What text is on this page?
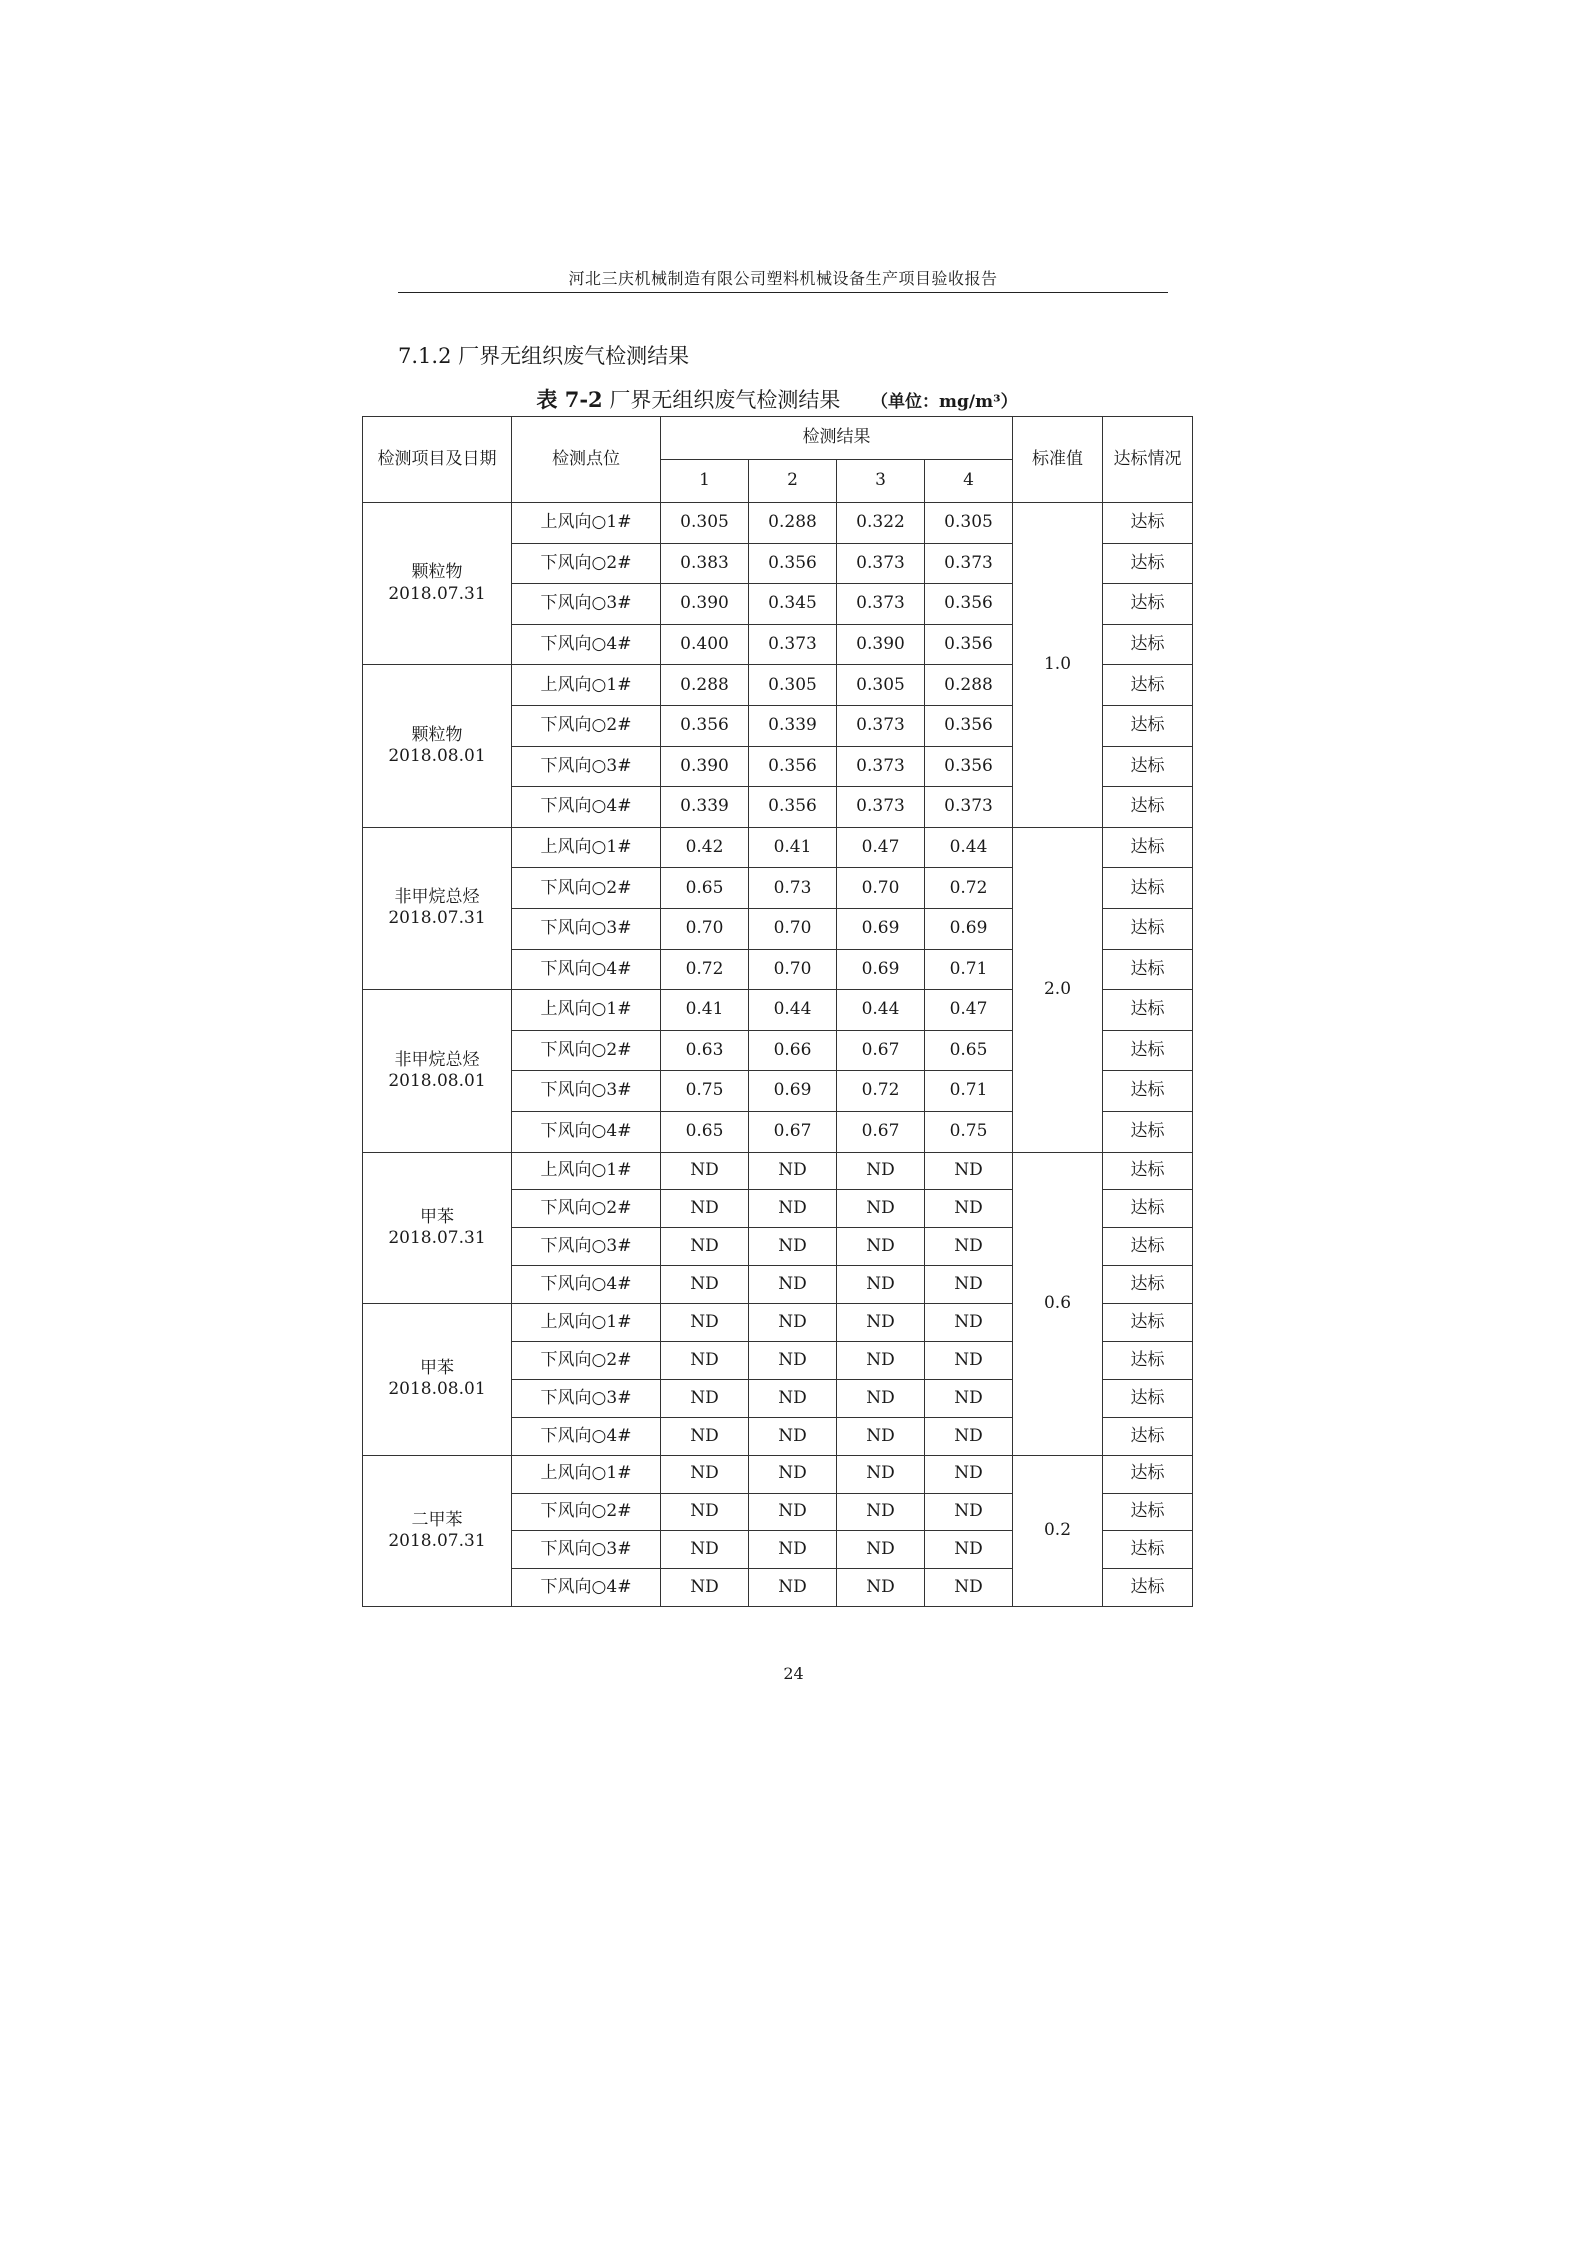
河北三庆机械制造有限公司塑料机械设备生产项目验收报告
7.1.2 厂界无组织废气检测结果
表 7-2 厂界无组织废气检测结果 （单位：mg/m³）
检测项目及日期	检测点位	检测结果				标准值	达标情况
		1	2	3	4		

颗粒物
2018.07.31	上风向○1#	0.305	0.288	0.322	0.305	1.0	达标
	下风向○2#	0.383	0.356	0.373	0.373		达标
	下风向○3#	0.390	0.345	0.373	0.356		达标
	下风向○4#	0.400	0.373	0.390	0.356		达标

颗粒物
2018.08.01	上风向○1#	0.288	0.305	0.305	0.288		达标
	下风向○2#	0.356	0.339	0.373	0.356		达标
	下风向○3#	0.390	0.356	0.373	0.356		达标
	下风向○4#	0.339	0.356	0.373	0.373		达标

非甲烷总烃
2018.07.31	上风向○1#	0.42	0.41	0.47	0.44	2.0	达标
	下风向○2#	0.65	0.73	0.70	0.72		达标
	下风向○3#	0.70	0.70	0.69	0.69		达标
	下风向○4#	0.72	0.70	0.69	0.71		达标

非甲烷总烃
2018.08.01	上风向○1#	0.41	0.44	0.44	0.47		达标
	下风向○2#	0.63	0.66	0.67	0.65		达标
	下风向○3#	0.75	0.69	0.72	0.71		达标
	下风向○4#	0.65	0.67	0.67	0.75		达标

甲苯
2018.07.31	上风向○1#	ND	ND	ND	ND	0.6	达标
	下风向○2#	ND	ND	ND	ND		达标
	下风向○3#	ND	ND	ND	ND		达标
	下风向○4#	ND	ND	ND	ND		达标

甲苯
2018.08.01	上风向○1#	ND	ND	ND	ND		达标
	下风向○2#	ND	ND	ND	ND		达标
	下风向○3#	ND	ND	ND	ND		达标
	下风向○4#	ND	ND	ND	ND		达标

二甲苯
2018.07.31	上风向○1#	ND	ND	ND	ND	0.2	达标
	下风向○2#	ND	ND	ND	ND		达标
	下风向○3#	ND	ND	ND	ND		达标
	下风向○4#	ND	ND	ND	ND		达标
24
